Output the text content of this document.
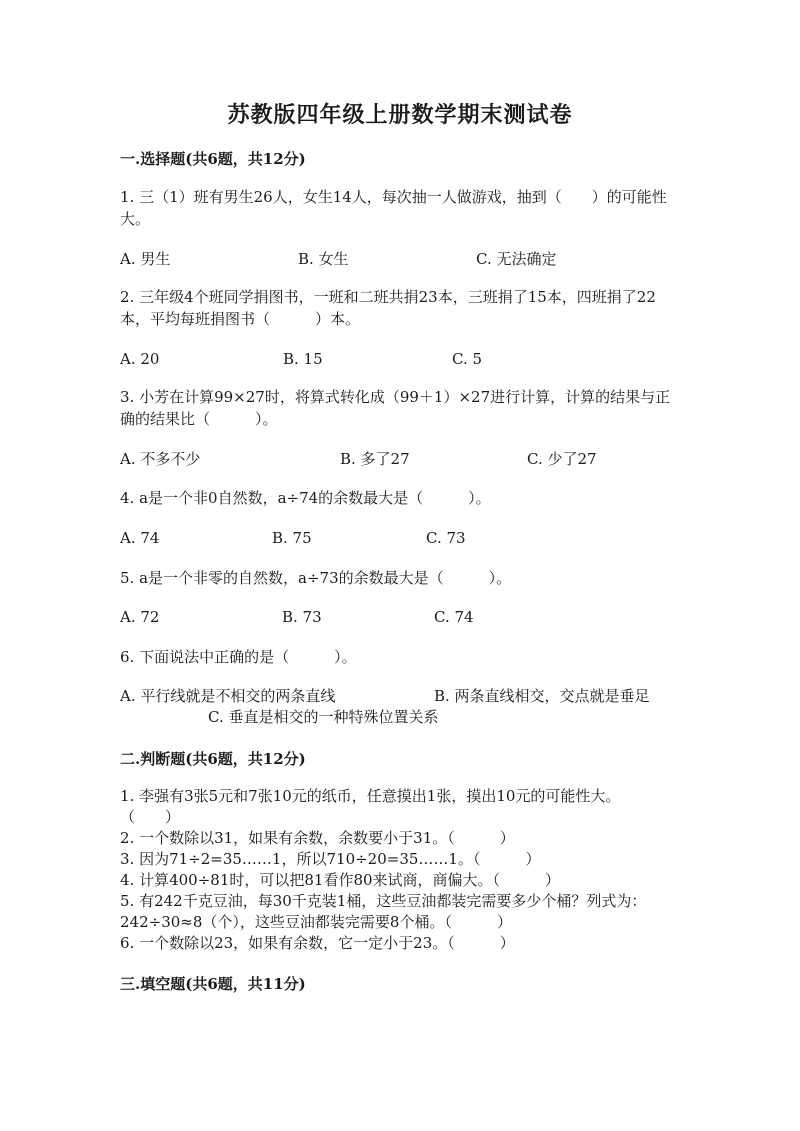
苏教版四年级上册数学期末测试卷
一.选择题(共6题，共12分)
1. 三（1）班有男生26人，女生14人，每次抽一人做游戏，抽到（　　）的可能性大。
A. 男生	B. 女生	C. 无法确定
2. 三年级4个班同学捐图书，一班和二班共捐23本，三班捐了15本，四班捐了22本，平均每班捐图书（　　　）本。
A. 20	B. 15	C. 5
3. 小芳在计算99×27时，将算式转化成（99＋1）×27进行计算，计算的结果与正确的结果比（　　　）。
A. 不多不少	B. 多了27	C. 少了27
4. a是一个非0自然数，a÷74的余数最大是（　　　）。
A. 74	B. 75	C. 73
5. a是一个非零的自然数，a÷73的余数最大是（　　　）。
A. 72	B. 73	C. 74
6. 下面说法中正确的是（　　　）。
A. 平行线就是不相交的两条直线	B. 两条直线相交，交点就是垂足
C. 垂直是相交的一种特殊位置关系
二.判断题(共6题，共12分)
1. 李强有3张5元和7张10元的纸币，任意摸出1张，摸出10元的可能性大。　　　（　　）
2. 一个数除以31，如果有余数，余数要小于31。（　　　）
3. 因为71÷2=35……1，所以710÷20=35……1。（　　　）
4. 计算400÷81时，可以把81看作80来试商，商偏大。（　　　）
5. 有242千克豆油，每30千克装1桶，这些豆油都装完需要多少个桶？列式为：242÷30≈8（个），这些豆油都装完需要8个桶。（　　　）
6. 一个数除以23，如果有余数，它一定小于23。（　　　）
三.填空题(共6题，共11分)
